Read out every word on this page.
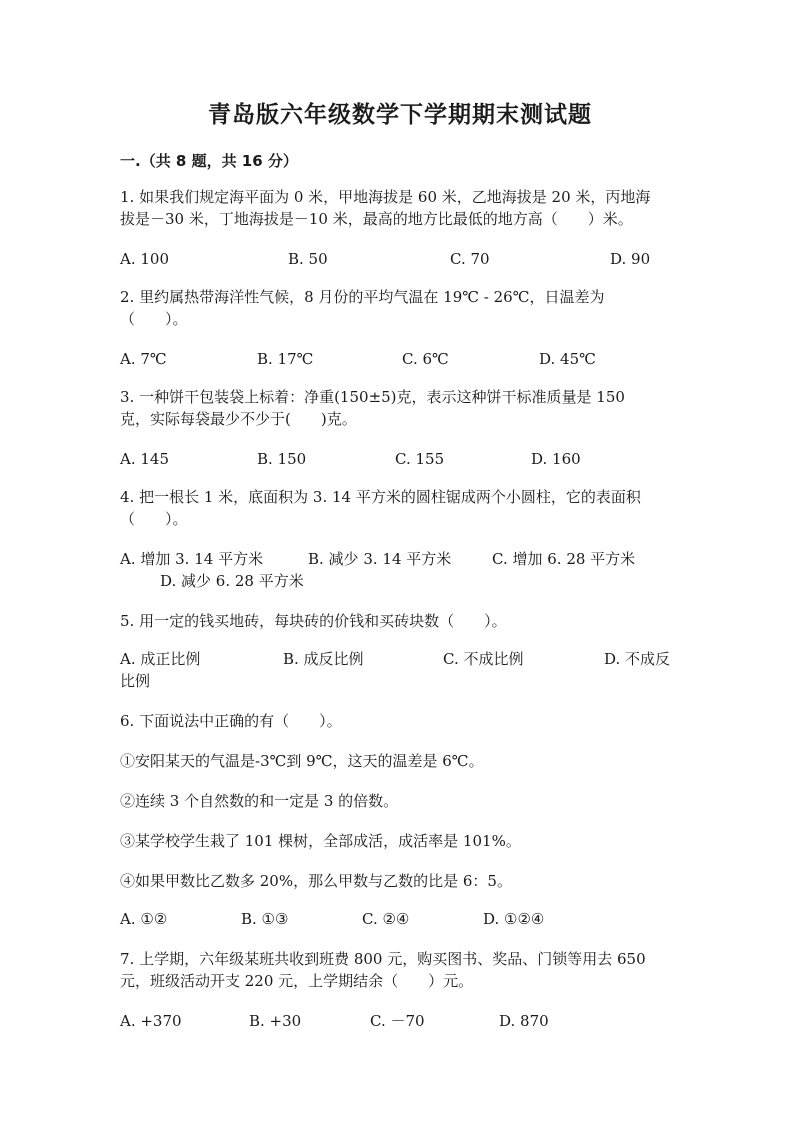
青岛版六年级数学下学期期末测试题
一.（共 8 题，共 16 分）
1. 如果我们规定海平面为 0 米，甲地海拔是 60 米，乙地海拔是 20 米，丙地海
拔是－30 米，丁地海拔是－10 米，最高的地方比最低的地方高（　　）米。
A. 100	B. 50	C. 70	D. 90
2. 里约属热带海洋性气候，8 月份的平均气温在 19℃ - 26℃，日温差为
（　　）。
A. 7℃	B. 17℃	C. 6℃	D. 45℃
3. 一种饼干包装袋上标着：净重(150±5)克，表示这种饼干标准质量是 150
克，实际每袋最少不少于(　　)克。
A. 145	B. 150	C. 155	D. 160
4. 把一根长 1 米，底面积为 3. 14 平方米的圆柱锯成两个小圆柱，它的表面积
（　　）。
A. 增加 3. 14 平方米	B. 减少 3. 14 平方米	C. 增加 6. 28 平方米
D. 减少 6. 28 平方米
5. 用一定的钱买地砖，每块砖的价钱和买砖块数（　　）。
A. 成正比例	B. 成反比例	C. 不成比例	D. 不成反
比例
6. 下面说法中正确的有（　　）。
①安阳某天的气温是-3℃到 9℃，这天的温差是 6℃。
②连续 3 个自然数的和一定是 3 的倍数。
③某学校学生栽了 101 棵树，全部成活，成活率是 101%。
④如果甲数比乙数多 20%，那么甲数与乙数的比是 6：5。
A. ①②	B. ①③	C. ②④	D. ①②④
7. 上学期，六年级某班共收到班费 800 元，购买图书、奖品、门锁等用去 650
元，班级活动开支 220 元，上学期结余（　　）元。
A. +370	B. +30	C. －70	D. 870
